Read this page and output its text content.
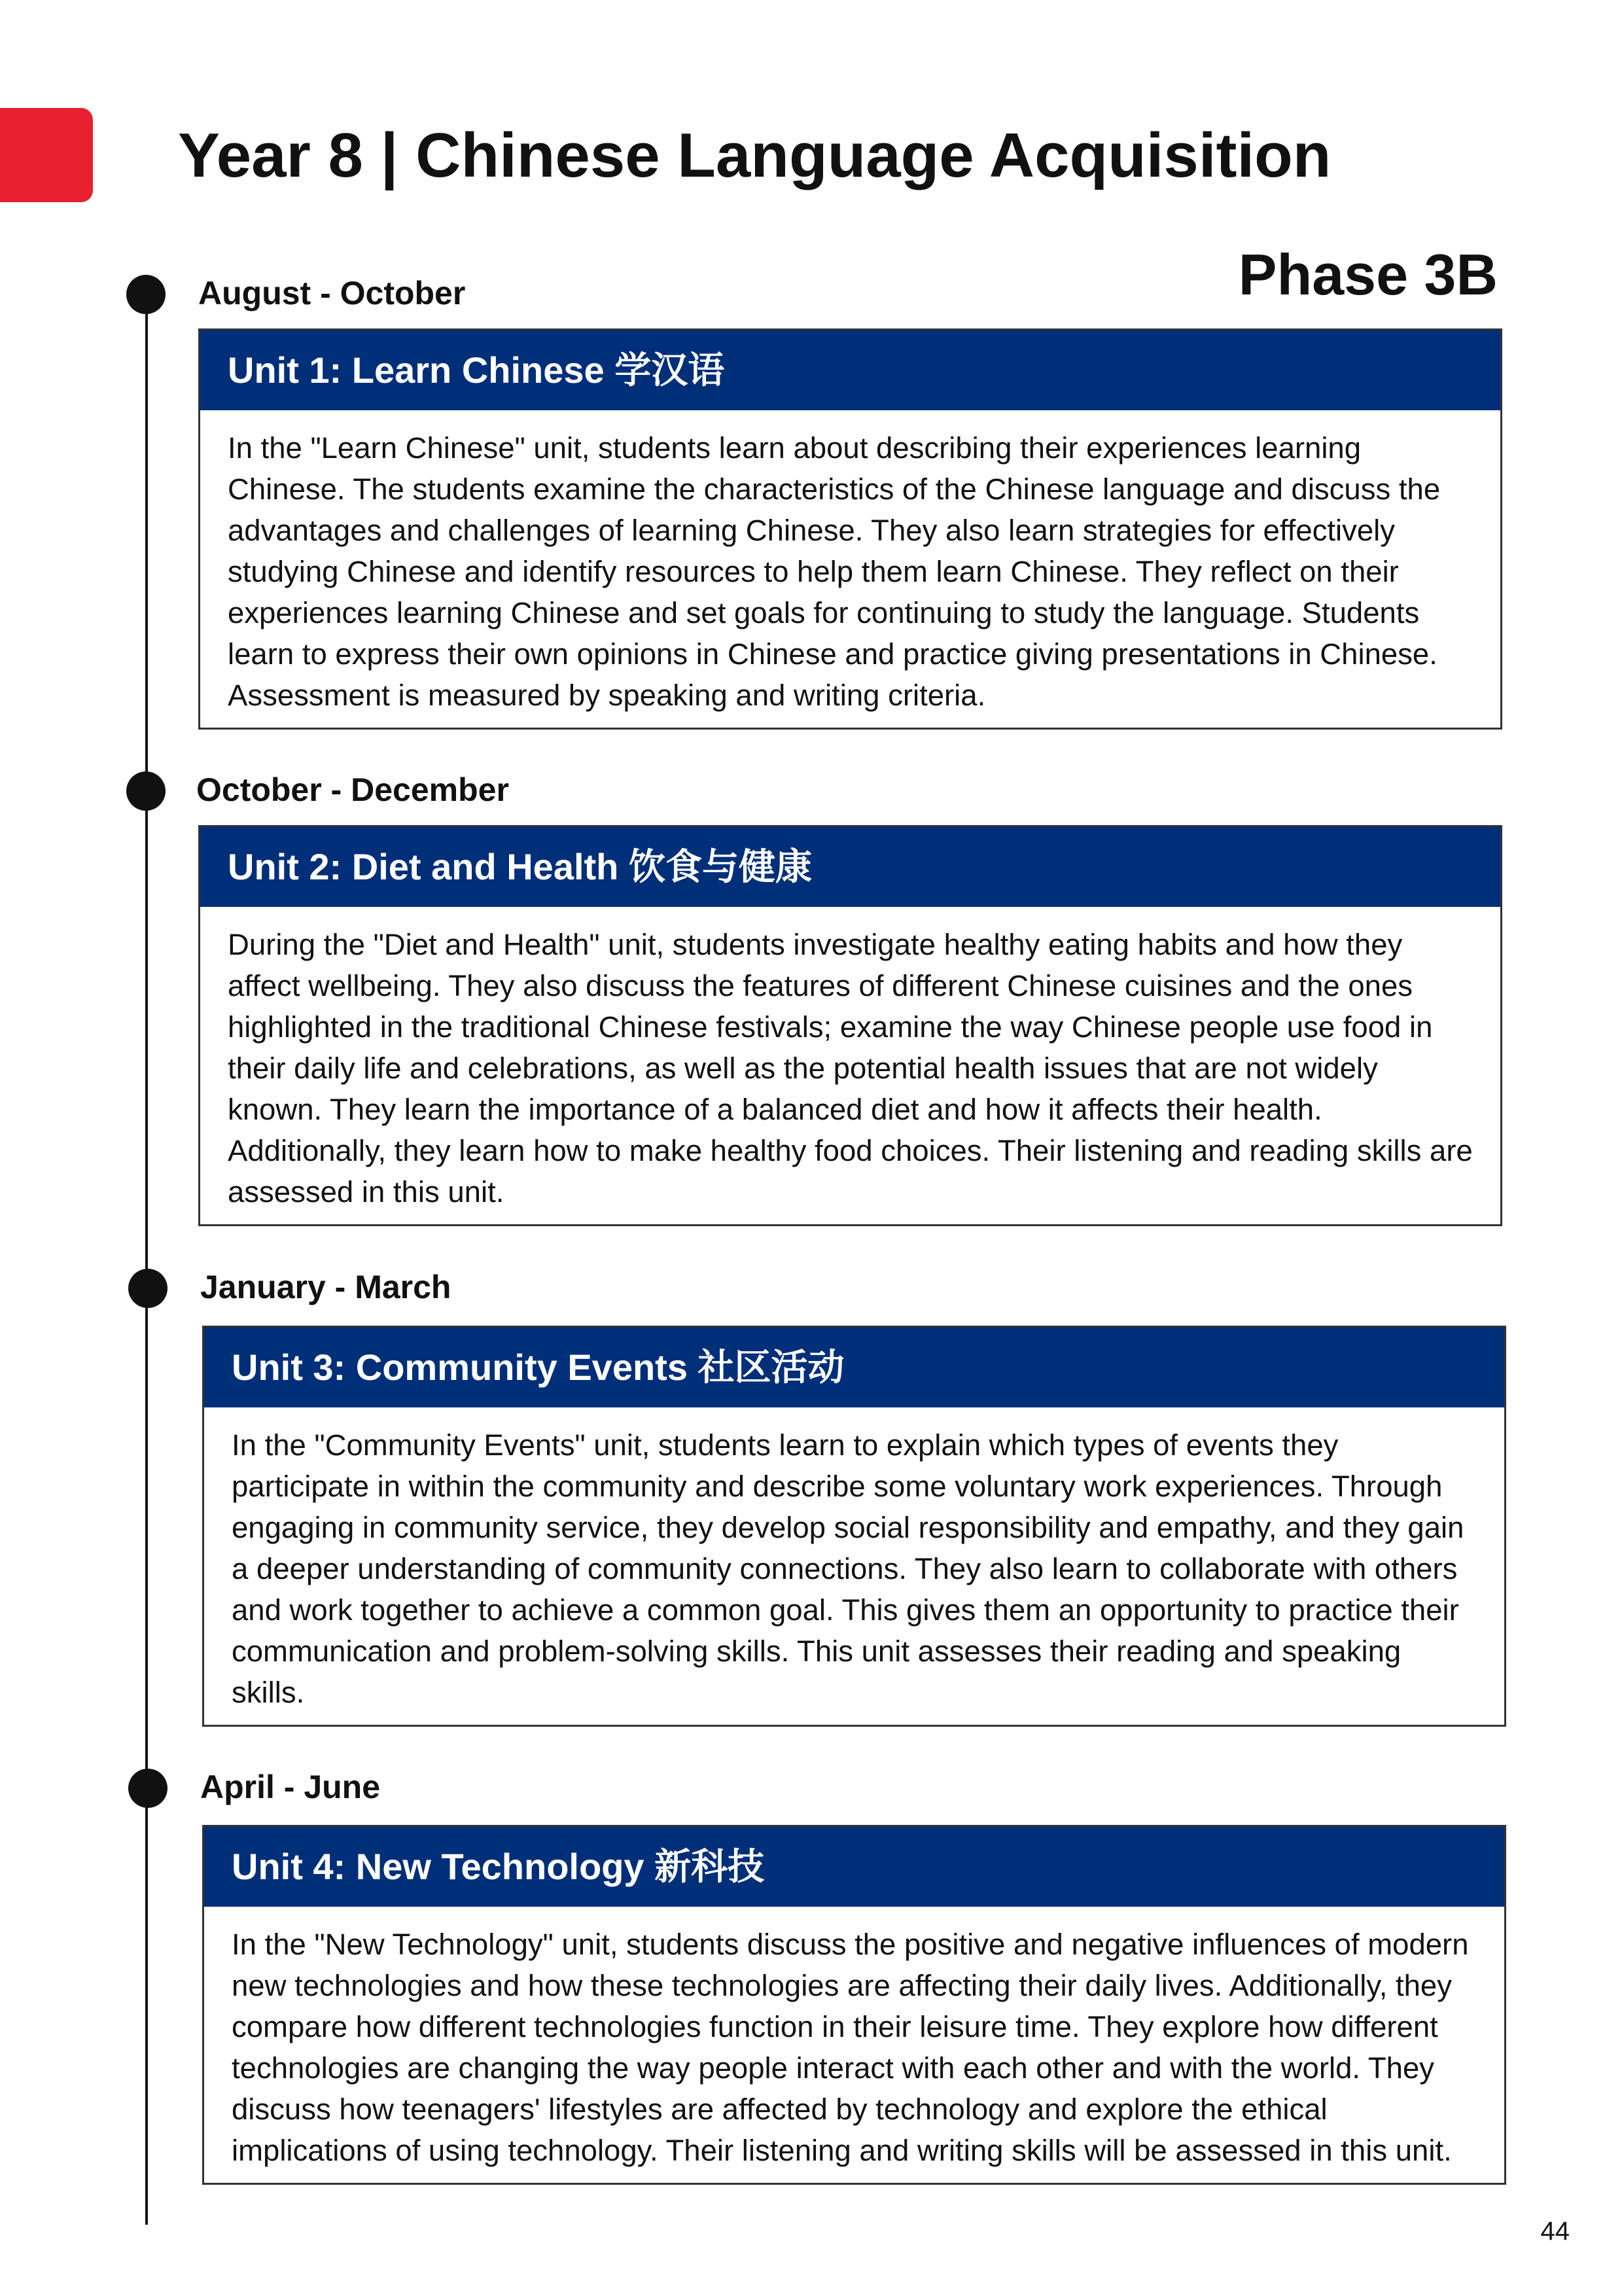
Year 8 | Chinese Language Acquisition
Phase 3B
August - October
Unit 1: Learn Chinese 学汉语

In the "Learn Chinese" unit, students learn about describing their experiences learning Chinese. The students examine the characteristics of the Chinese language and discuss the advantages and challenges of learning Chinese. They also learn strategies for effectively studying Chinese and identify resources to help them learn Chinese. They reflect on their experiences learning Chinese and set goals for continuing to study the language. Students learn to express their own opinions in Chinese and practice giving presentations in Chinese. Assessment is measured by speaking and writing criteria.

October - December
Unit 2: Diet and Health 饮食与健康

During the "Diet and Health" unit, students investigate healthy eating habits and how they affect wellbeing. They also discuss the features of different Chinese cuisines and the ones highlighted in the traditional Chinese festivals; examine the way Chinese people use food in their daily life and celebrations, as well as the potential health issues that are not widely known. They learn the importance of a balanced diet and how it affects their health. Additionally, they learn how to make healthy food choices. Their listening and reading skills are assessed in this unit.

January - March
Unit 3: Community Events 社区活动

In the "Community Events" unit, students learn to explain which types of events they participate in within the community and describe some voluntary work experiences. Through engaging in community service, they develop social responsibility and empathy, and they gain a deeper understanding of community connections. They also learn to collaborate with others and work together to achieve a common goal. This gives them an opportunity to practice their communication and problem-solving skills. This unit assesses their reading and speaking skills.

April - June
Unit 4: New Technology 新科技

In the "New Technology" unit, students discuss the positive and negative influences of modern new technologies and how these technologies are affecting their daily lives. Additionally, they compare how different technologies function in their leisure time. They explore how different technologies are changing the way people interact with each other and with the world. They discuss how teenagers' lifestyles are affected by technology and explore the ethical implications of using technology. Their listening and writing skills will be assessed in this unit.

44
